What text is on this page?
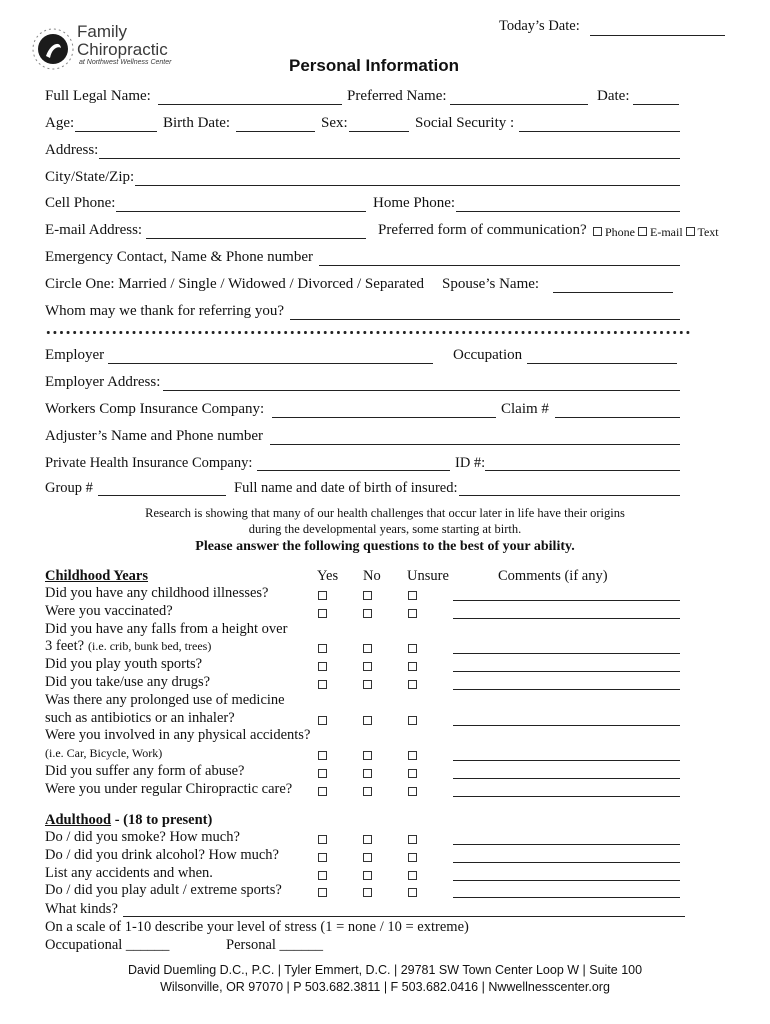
Family
Chiropractic
at Northwest Wellness Center
Today’s Date:
Personal Information
Full Legal Name:	Preferred Name:	Date:
Age:	Birth Date:	Sex:	Social Security :
Address:
City/State/Zip:
Cell Phone:	Home Phone:
E-mail Address:	Preferred form of communication?	Phone E-mail Text
Emergency Contact, Name & Phone number
Circle One: Married / Single / Widowed / Divorced / Separated Spouse’s Name:
Whom may we thank for referring you?
Employer	Occupation
Employer Address:
Workers Comp Insurance Company:	Claim #
Adjuster’s Name and Phone number
Private Health Insurance Company:	ID #:
Group #	Full name and date of birth of insured:
Research is showing that many of our health challenges that occur later in life have their origins
during the developmental years, some starting at birth.
Please answer the following questions to the best of your ability.
Childhood Years	Yes No Unsure	Comments (if any)
Did you have any childhood illnesses?
Were you vaccinated?
Did you have any falls from a height over
3 feet? (i.e. crib, bunk bed, trees)
Did you play youth sports?
Did you take/use any drugs?
Was there any prolonged use of medicine
such as antibiotics or an inhaler?
Were you involved in any physical accidents?
(i.e. Car, Bicycle, Work)
Did you suffer any form of abuse?
Were you under regular Chiropractic care?
Adulthood - (18 to present)
Do / did you smoke? How much?
Do / did you drink alcohol? How much?
List any accidents and when.
Do / did you play adult / extreme sports?
What kinds?
On a scale of 1-10 describe your level of stress (1 = none / 10 = extreme)
Occupational ______	Personal ______
David Duemling D.C., P.C. | Tyler Emmert, D.C. | 29781 SW Town Center Loop W | Suite 100
Wilsonville, OR 97070 | P 503.682.3811 | F 503.682.0416 | Nwwellnesscenter.org
